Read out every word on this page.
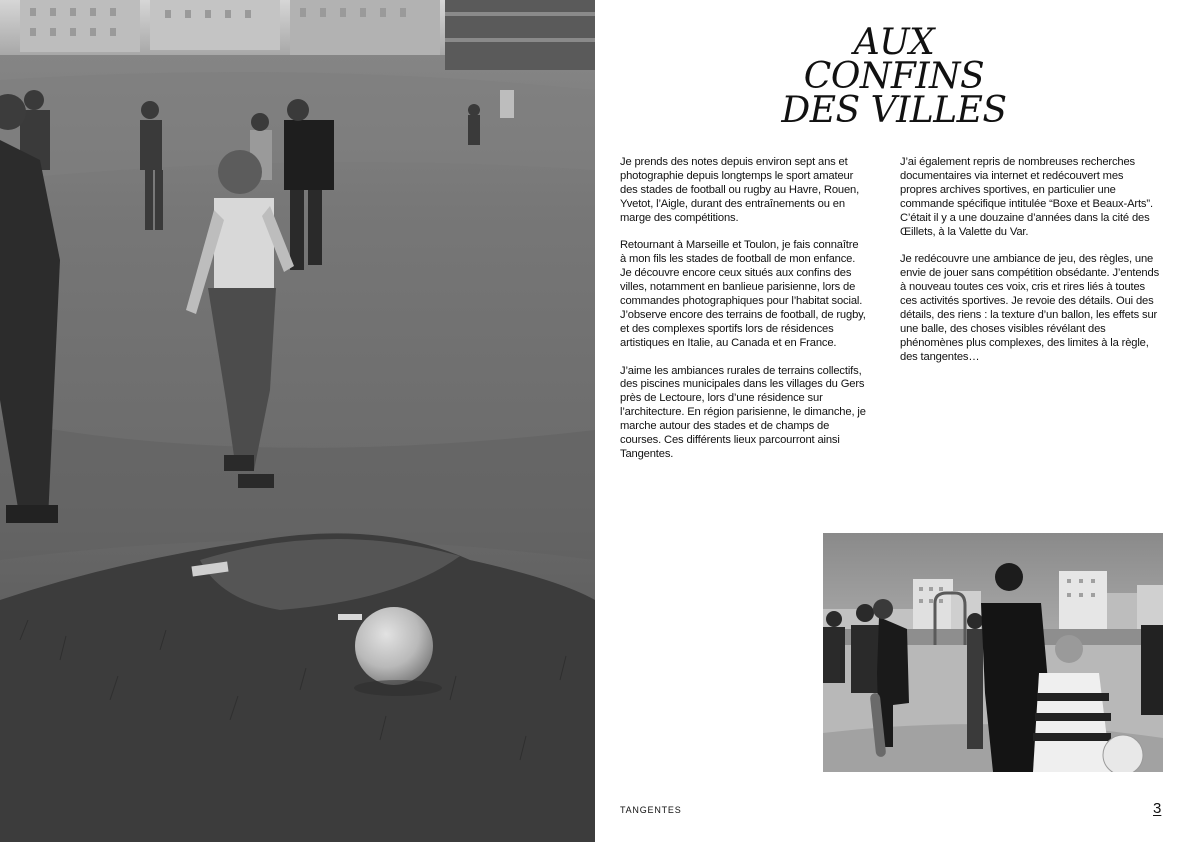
AUX
CONFINS
DES VILLES

Je prends des notes depuis environ sept ans et photographie depuis longtemps le sport amateur des stades de football ou rugby au Havre, Rouen, Yvetot, l’Aigle, durant des entraînements ou en marge des compétitions.

Retournant à Marseille et Toulon, je fais connaître à mon fils les stades de football de mon enfance. Je découvre encore ceux situés aux confins des villes, notamment en banlieue parisienne, lors de commandes photographiques pour l’habitat social. J’observe encore des terrains de football, de rugby, et des complexes sportifs lors de résidences artistiques en Italie, au Canada et en France.

J’aime les ambiances rurales de terrains collectifs, des piscines municipales dans les villages du Gers près de Lectoure, lors d’une résidence sur l’architecture. En région parisienne, le dimanche, je marche autour des stades et de champs de courses. Ces différents lieux parcourront ainsi Tangentes.

J’ai également repris de nombreuses recherches documentaires via internet et redécouvert mes propres archives sportives, en particulier une commande spécifique intitulée “Boxe et Beaux-Arts”. C’était il y a une douzaine d’années dans la cité des Œillets, à la Valette du Var.

Je redécouvre une ambiance de jeu, des règles, une envie de jouer sans compétition obsédante. J’entends à nouveau toutes ces voix, cris et rires liés à toutes ces activités sportives. Je revoie des détails. Oui des détails, des riens : la texture d’un ballon, les effets sur une balle, des choses visibles révélant des phénomènes plus complexes, des limites à la règle, des tangentes…

TANGENTES	3
